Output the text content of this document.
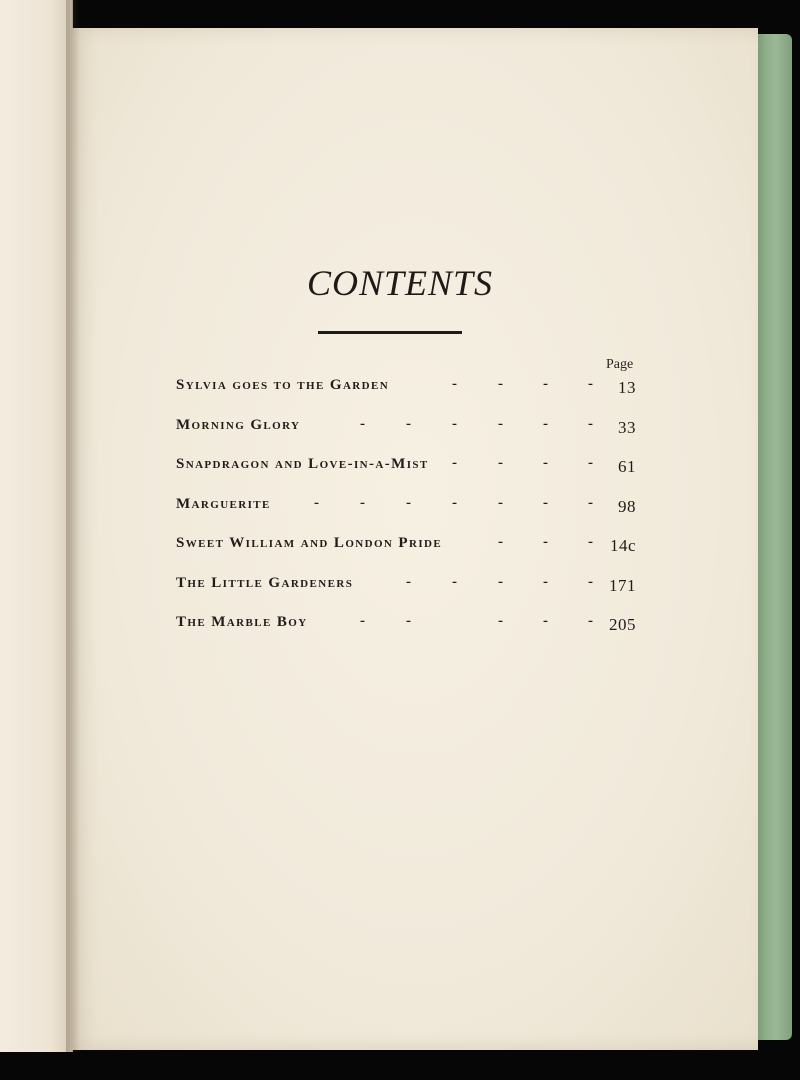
CONTENTS
Page
Sylvia goes to the Garden	-	-	-	- 13
Morning Glory	-	-	-	-	-	- 33
Snapdragon and Love-in-a-Mist -	-	-	- 61
Marguerite	-	-	-	-	-	-	- 98
Sweet William and London Pride	-	-	- 14c
The Little Gardeners	-	-	-	-	- 171
The Marble Boy	-	-	-	-	- 205
